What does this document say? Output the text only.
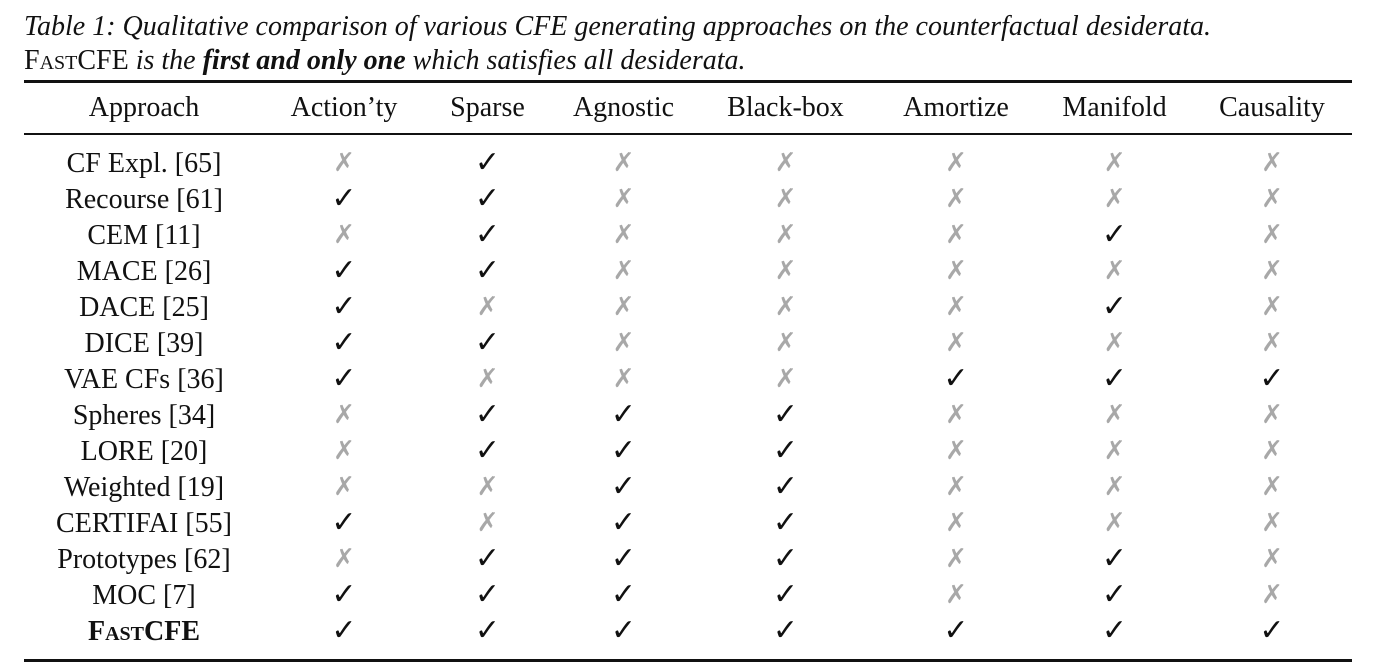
Table 1: Qualitative comparison of various CFE generating approaches on the counterfactual desiderata.
FastCFE is the first and only one which satisfies all desiderata.
Approach	Action’ty	Sparse	Agnostic	Black-box	Amortize	Manifold	Causality
CF Expl. [65]	✗	✓	✗	✗	✗	✗	✗
Recourse [61]	✓	✓	✗	✗	✗	✗	✗
CEM [11]	✗	✓	✗	✗	✗	✓	✗
MACE [26]	✓	✓	✗	✗	✗	✗	✗
DACE [25]	✓	✗	✗	✗	✗	✓	✗
DICE [39]	✓	✓	✗	✗	✗	✗	✗
VAE CFs [36]	✓	✗	✗	✗	✓	✓	✓
Spheres [34]	✗	✓	✓	✓	✗	✗	✗
LORE [20]	✗	✓	✓	✓	✗	✗	✗
Weighted [19]	✗	✗	✓	✓	✗	✗	✗
CERTIFAI [55]	✓	✗	✓	✓	✗	✗	✗
Prototypes [62]	✗	✓	✓	✓	✗	✓	✗
MOC [7]	✓	✓	✓	✓	✗	✓	✗
FastCFE	✓	✓	✓	✓	✓	✓	✓
